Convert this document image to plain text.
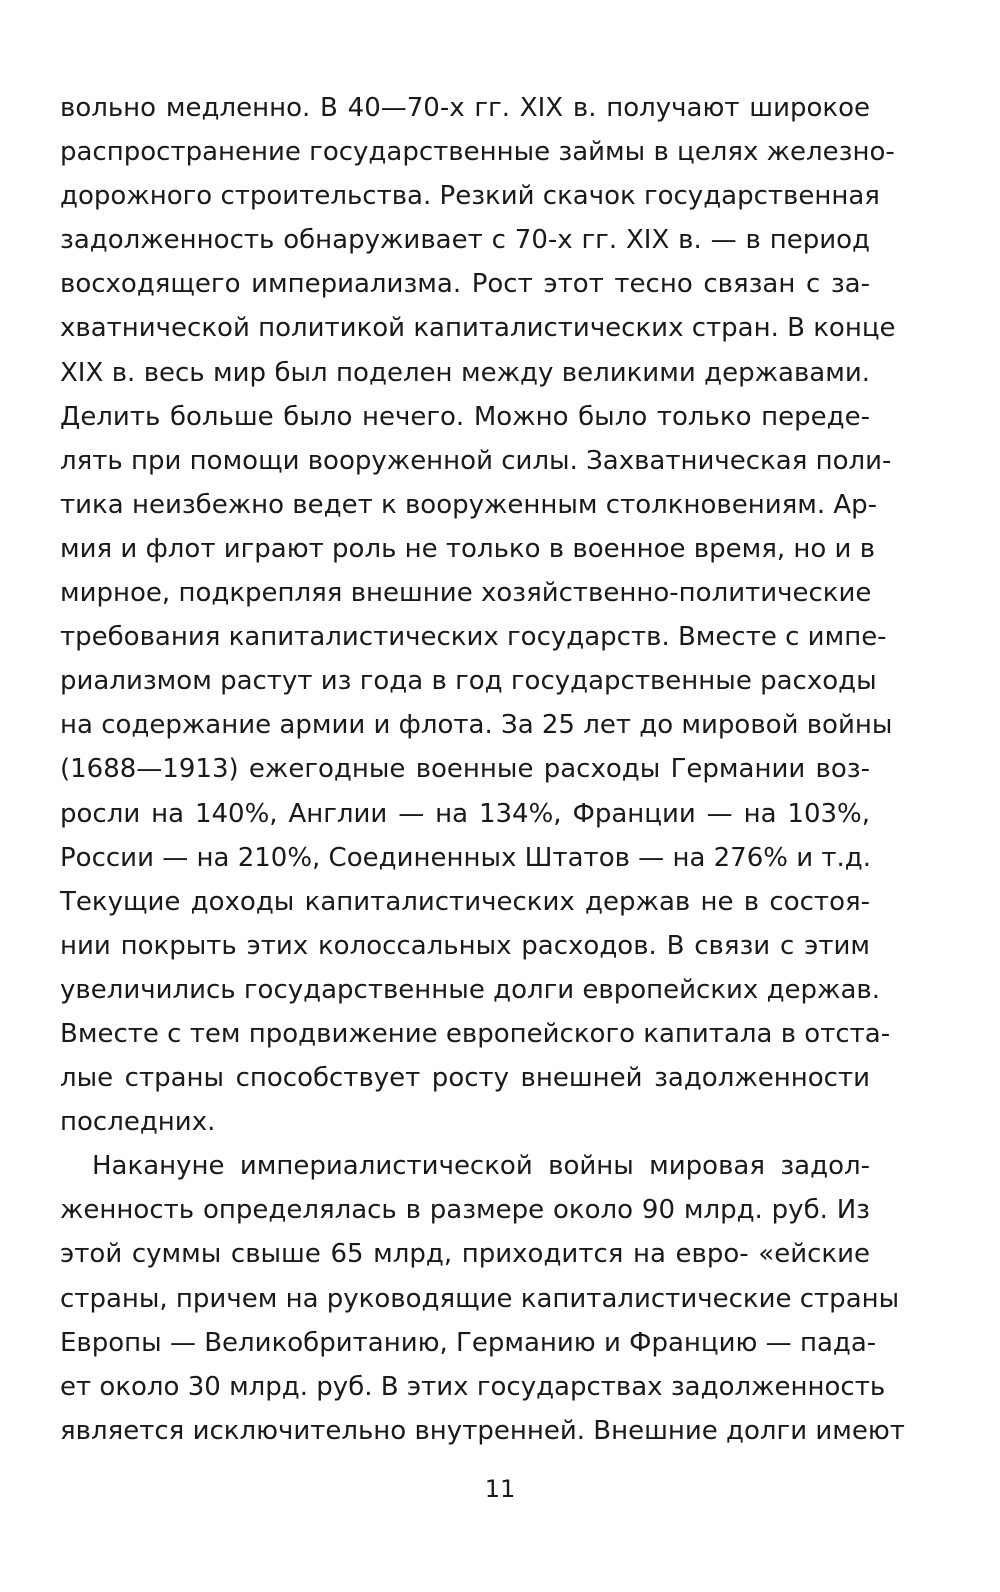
вольно медленно. В 40—70-х гг. XIX в. получают широкое
распространение государственные займы в целях железно-
дорожного строительства. Резкий скачок государственная
задолженность обнаруживает с 70-х гг. XIX в. — в период
восходящего империализма. Рост этот тесно связан с за-
хватнической политикой капиталистических стран. В конце
XIX в. весь мир был поделен между великими державами.
Делить больше было нечего. Можно было только переде-
лять при помощи вооруженной силы. Захватническая поли-
тика неизбежно ведет к вооруженным столкновениям. Ар-
мия и флот играют роль не только в военное время, но и в
мирное, подкрепляя внешние хозяйственно-политические
требования капиталистических государств. Вместе с импе-
риализмом растут из года в год государственные расходы
на содержание армии и флота. За 25 лет до мировой войны
(1688—1913) ежегодные военные расходы Германии воз-
росли на 140%, Англии — на 134%, Франции — на 103%,
России — на 210%, Соединенных Штатов — на 276% и т.д.
Текущие доходы капиталистических держав не в состоя-
нии покрыть этих колоссальных расходов. В связи с этим
увеличились государственные долги европейских держав.
Вместе с тем продвижение европейского капитала в отста-
лые страны способствует росту внешней задолженности
последних.
Накануне империалистической войны мировая задол-
женность определялась в размере около 90 млрд. руб. Из
этой суммы свыше 65 млрд, приходится на евро- «ейские
страны, причем на руководящие капиталистические страны
Европы — Великобританию, Германию и Францию — пада-
ет около 30 млрд. руб. В этих государствах задолженность
является исключительно внутренней. Внешние долги имеют
11
